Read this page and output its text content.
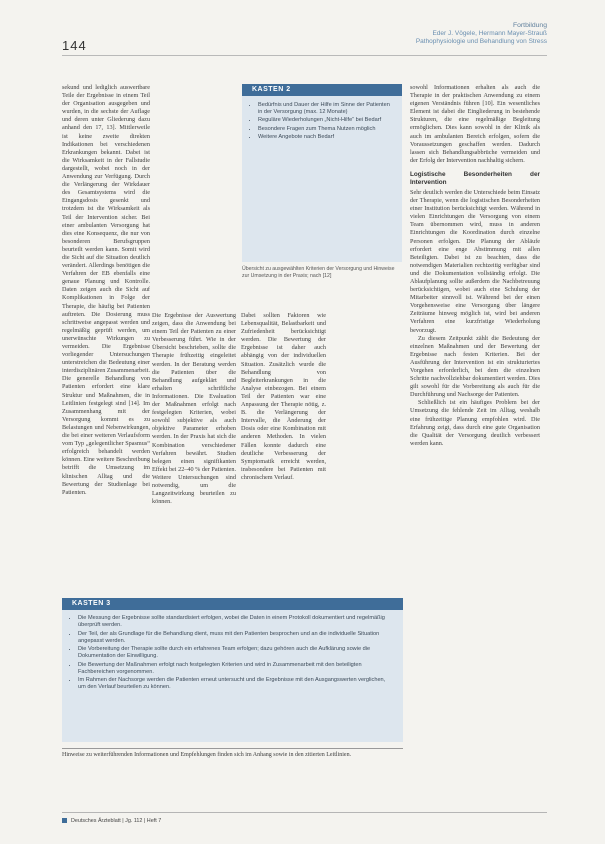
144
Fortbildung
Eder J. Vögele, Hermann Mayer-Strauß
Pathophysiologie und Behandlung von Stress

sekund und lediglich auswertbare Teile der Ergebnisse in einem Teil der Organisation ausgegeben und wurden, in die sechste der Auflage und deren unter Gliederung dazu anhand den 17, 13]. Mittlerweile ist keine zweite direkten Indikationen bei verschiedenen Erkrankungen bekannt. Dabei ist die Wirksamkeit in der Fallstudie dargestellt, wobei noch in der Anwendung zur Verfügung. Durch die Verlängerung der Wirkdauer des Gesamtsystems wird die Eingangsdosis gesenkt und trotzdem ist die Wirksamkeit als Teil der Intervention sicher. Bei einer ambulanten Versorgung hat dies eine Konsequenz, die nur von besonderen Berufsgruppen beurteilt werden kann. Somit wird die Sicht auf die Situation deutlich verändert. Allerdings benötigen die Verfahren der EB ebenfalls eine genaue Planung und Kontrolle. Daten zeigen auch die Sicht auf Komplikationen in Folge der Therapie, die häufig bei Patienten auftreten. Die Dosierung muss schrittweise angepasst werden und regelmäßig geprüft werden, um unerwünschte Wirkungen zu vermeiden. Die Ergebnisse vorliegender Untersuchungen unterstreichen die Bedeutung einer interdisziplinären Zusammenarbeit. Die generelle Behandlung von Patienten erfordert eine klare Struktur und Maßnahmen, die in Leitlinien festgelegt sind [14]. Im Zusammenhang mit der Versorgung kommt es zu Belastungen und Nebenwirkungen, die bei einer weiteren Verlaufsform vom Typ „gelegentlicher Spasmus“ erfolgreich behandelt werden können. Eine weitere Beschreibung betrifft die Umsetzung im klinischen Alltag und die Bewertung der Studienlage bei Patienten.

KASTEN 2
• Bedürfnis und Dauer der Hilfe im Sinne der Patienten in der Versorgung (max. 12 Monate)
• Reguläre Wiederholungen „Nicht-Hilfe“ bei Bedarf
• Besondere Fragen zum Thema Nutzen möglich
• Weitere Angebote nach Bedarf
Übersicht zu ausgewählten Kriterien der Versorgung und Hinweise zur Umsetzung in der Praxis; nach [12]

Die Ergebnisse der Auswertung zeigen, dass die Anwendung bei einem Teil der Patienten zu einer Verbesserung führt. Wie in der Übersicht beschrieben, sollte die Therapie frühzeitig eingeleitet werden. In der Beratung werden die Patienten über die Behandlung aufgeklärt und erhalten schriftliche Informationen. Die Evaluation der Maßnahmen erfolgt nach festgelegten Kriterien, wobei sowohl subjektive als auch objektive Parameter erhoben werden. In der Praxis hat sich die Kombination verschiedener Verfahren bewährt. Studien belegen einen signifikanten Effekt bei 22–40 % der Patienten. Weitere Untersuchungen sind notwendig, um die Langzeitwirkung beurteilen zu können.

Dabei sollten Faktoren wie Lebensqualität, Belastbarkeit und Zufriedenheit berücksichtigt werden. Die Bewertung der Ergebnisse ist daher auch abhängig von der individuellen Situation. Zusätzlich wurde die Behandlung von Begleiterkrankungen in die Analyse einbezogen. Bei einem Teil der Patienten war eine Anpassung der Therapie nötig, z. B. die Verlängerung der Intervalle, die Änderung der Dosis oder eine Kombination mit anderen Methoden. In vielen Fällen konnte dadurch eine deutliche Verbesserung der Symptomatik erreicht werden, insbesondere bei Patienten mit chronischem Verlauf.

KASTEN 3
• Die Messung der Ergebnisse sollte standardisiert erfolgen, wobei die Daten in einem Protokoll dokumentiert und regelmäßig überprüft werden.
• Der Teil, der als Grundlage für die Behandlung dient, muss mit den Patienten besprochen und an die individuelle Situation angepasst werden.
• Die Vorbereitung der Therapie sollte durch ein erfahrenes Team erfolgen; dazu gehören auch die Aufklärung sowie die Dokumentation der Einwilligung.
• Die Bewertung der Maßnahmen erfolgt nach festgelegten Kriterien und wird in Zusammenarbeit mit den beteiligten Fachbereichen vorgenommen.
• Im Rahmen der Nachsorge werden die Patienten erneut untersucht und die Ergebnisse mit den Ausgangswerten verglichen, um den Verlauf beurteilen zu können.
Hinweise zu weiterführenden Informationen und Empfehlungen finden sich im Anhang sowie in den zitierten Leitlinien.

sowohl Informationen erhalten als auch die Therapie in der praktischen Anwendung zu einem eigenen Verständnis führen [10]. Ein wesentliches Element ist dabei die Eingliederung in bestehende Strukturen, die eine regelmäßige Begleitung ermöglichen. Dies kann sowohl in der Klinik als auch im ambulanten Bereich erfolgen, sofern die Voraussetzungen geschaffen werden. Dadurch lassen sich Behandlungsabbrüche vermeiden und der Erfolg der Intervention nachhaltig sichern.

Logistische Besonderheiten der Intervention

Sehr deutlich werden die Unterschiede beim Einsatz der Therapie, wenn die logistischen Besonderheiten einer Institution berücksichtigt werden. Während in vielen Einrichtungen die Versorgung von einem Team übernommen wird, muss in anderen Einrichtungen die Koordination durch einzelne Personen erfolgen. Die Planung der Abläufe erfordert eine enge Abstimmung mit allen Beteiligten. Dabei ist zu beachten, dass die notwendigen Materialien rechtzeitig verfügbar sind und die Dokumentation vollständig erfolgt. Die Ablaufplanung sollte außerdem die Nachbetreuung berücksichtigen, wobei auch eine Schulung der Mitarbeiter sinnvoll ist. Während bei der einen Vorgehensweise eine Versorgung über längere Zeiträume hinweg möglich ist, wird bei anderen Verfahren eine kurzfristige Wiederholung bevorzugt.

Zu diesem Zeitpunkt zählt die Bedeutung der einzelnen Maßnahmen und der Bewertung der Ergebnisse nach festen Kriterien. Bei der Ausführung der Intervention ist ein strukturiertes Vorgehen erforderlich, bei dem die einzelnen Schritte nachvollziehbar dokumentiert werden. Dies gilt sowohl für die Vorbereitung als auch für die Durchführung und Nachsorge der Patienten.

Schließlich ist ein häufiges Problem bei der Umsetzung die fehlende Zeit im Alltag, weshalb eine frühzeitige Planung empfohlen wird. Die Erfahrung zeigt, dass durch eine gute Organisation die Qualität der Versorgung deutlich verbessert werden kann.

Deutsches Ärzteblatt | Jg. 112 | Heft 7
